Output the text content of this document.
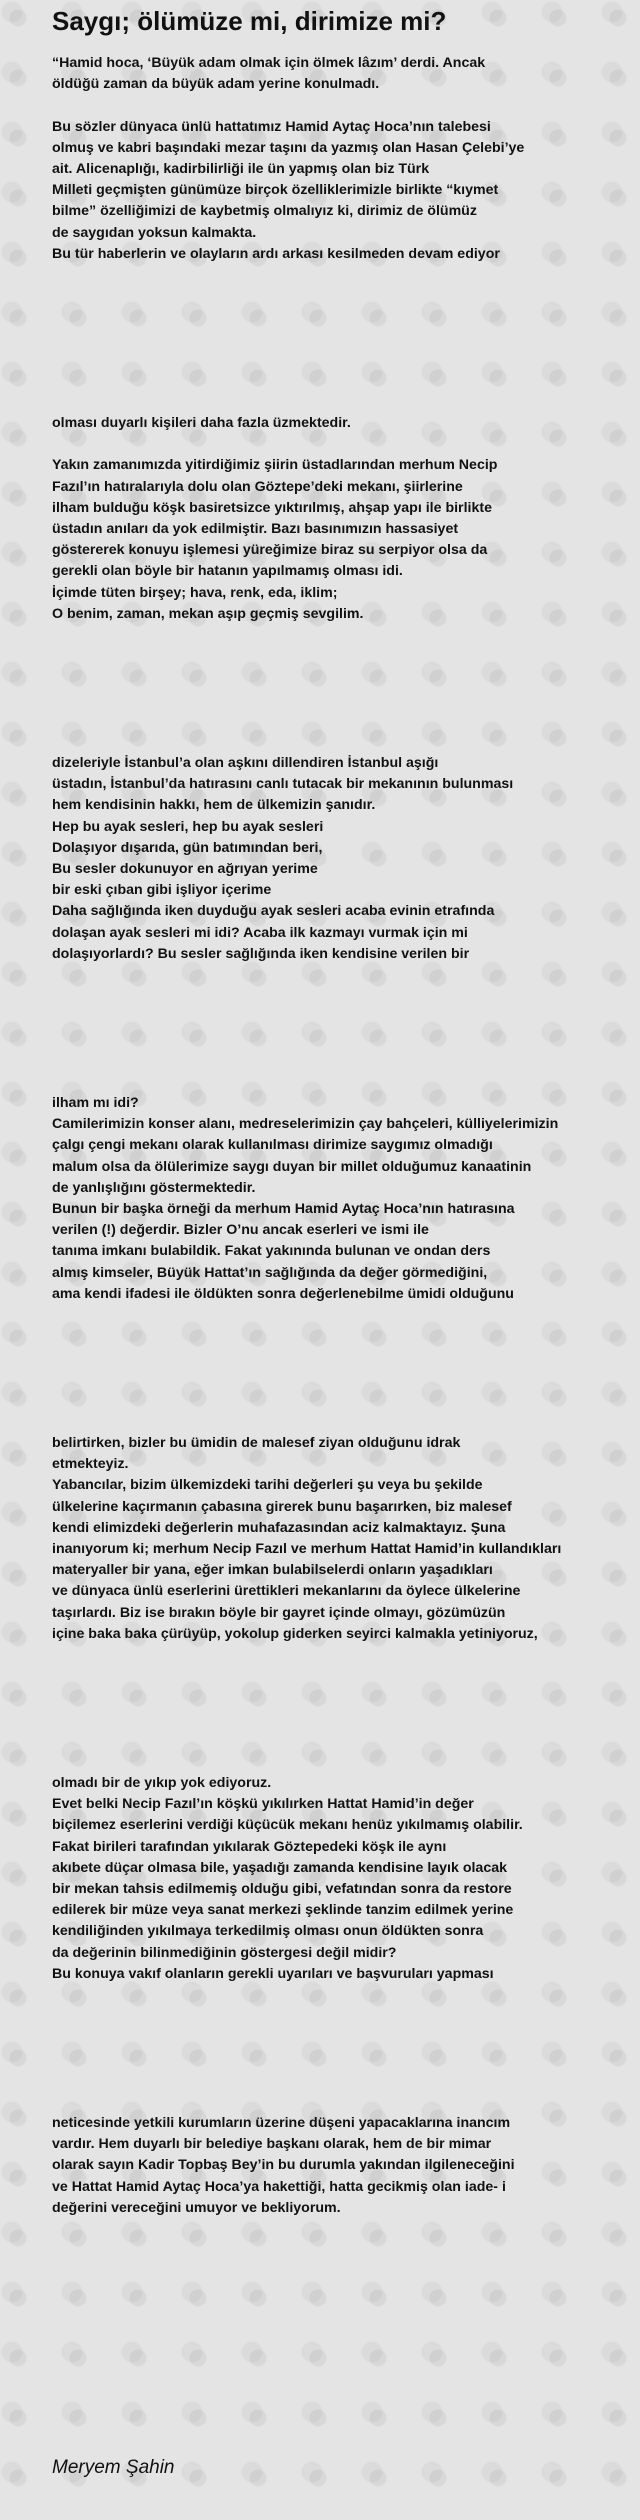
Saygı; ölümüze mi, dirimize mi?
“Hamid hoca, ‘Büyük adam olmak için ölmek lâzım’ derdi. Ancak
öldüğü zaman da büyük adam yerine konulmadı.
Bu sözler dünyaca ünlü hattatımız Hamid Aytaç Hoca’nın talebesi
olmuş ve kabri başındaki mezar taşını da yazmış olan Hasan Çelebi’ye
ait. Alicenaplığı, kadirbilirliği ile ün yapmış olan biz Türk
Milleti geçmişten günümüze birçok özelliklerimizle birlikte “kıymet
bilme” özelliğimizi de kaybetmiş olmalıyız ki, dirimiz de ölümüz
de saygıdan yoksun kalmakta.
Bu tür haberlerin ve olayların ardı arkası kesilmeden devam ediyor
olması duyarlı kişileri daha fazla üzmektedir.
Yakın zamanımızda yitirdiğimiz şiirin üstadlarından merhum Necip
Fazıl’ın hatıralarıyla dolu olan Göztepe’deki mekanı, şiirlerine
ilham bulduğu köşk basiretsizce yıktırılmış, ahşap yapı ile birlikte
üstadın anıları da yok edilmiştir. Bazı basınımızın hassasiyet
göstererek konuyu işlemesi yüreğimize biraz su serpiyor olsa da
gerekli olan böyle bir hatanın yapılmamış olması idi.
İçimde tüten birşey; hava, renk, eda, iklim;
O benim, zaman, mekan aşıp geçmiş sevgilim.
dizeleriyle İstanbul’a olan aşkını dillendiren İstanbul aşığı
üstadın, İstanbul’da hatırasını canlı tutacak bir mekanının bulunması
hem kendisinin hakkı, hem de ülkemizin şanıdır.
Hep bu ayak sesleri, hep bu ayak sesleri
Dolaşıyor dışarıda, gün batımından beri,
Bu sesler dokunuyor en ağrıyan yerime
bir eski çıban gibi işliyor içerime
Daha sağlığında iken duyduğu ayak sesleri acaba evinin etrafında
dolaşan ayak sesleri mi idi? Acaba ilk kazmayı vurmak için mi
dolaşıyorlardı? Bu sesler sağlığında iken kendisine verilen bir
ilham mı idi?
Camilerimizin konser alanı, medreselerimizin çay bahçeleri, külliyelerimizin
çalgı çengi mekanı olarak kullanılması dirimize saygımız olmadığı
malum olsa da ölülerimize saygı duyan bir millet olduğumuz kanaatinin
de yanlışlığını göstermektedir.
Bunun bir başka örneği da merhum Hamid Aytaç Hoca’nın hatırasına
verilen (!) değerdir. Bizler O’nu ancak eserleri ve ismi ile
tanıma imkanı bulabildik. Fakat yakınında bulunan ve ondan ders
almış kimseler, Büyük Hattat’ın sağlığında da değer görmediğini,
ama kendi ifadesi ile öldükten sonra değerlenebilme ümidi olduğunu
belirtirken, bizler bu ümidin de malesef ziyan olduğunu idrak
etmekteyiz.
Yabancılar, bizim ülkemizdeki tarihi değerleri şu veya bu şekilde
ülkelerine kaçırmanın çabasına girerek bunu başarırken, biz malesef
kendi elimizdeki değerlerin muhafazasından aciz kalmaktayız. Şuna
inanıyorum ki; merhum Necip Fazıl ve merhum Hattat Hamid’in kullandıkları
materyaller bir yana, eğer imkan bulabilselerdi onların yaşadıkları
ve dünyaca ünlü eserlerini ürettikleri mekanlarını da öylece ülkelerine
taşırlardı. Biz ise bırakın böyle bir gayret içinde olmayı, gözümüzün
içine baka baka çürüyüp, yokolup giderken seyirci kalmakla yetiniyoruz,
olmadı bir de yıkıp yok ediyoruz.
Evet belki Necip Fazıl’ın köşkü yıkılırken Hattat Hamid’in değer
biçilemez eserlerini verdiği küçücük mekanı henüz yıkılmamış olabilir.
Fakat birileri tarafından yıkılarak Göztepedeki köşk ile aynı
akıbete düçar olmasa bile, yaşadığı zamanda kendisine layık olacak
bir mekan tahsis edilmemiş olduğu gibi, vefatından sonra da restore
edilerek bir müze veya sanat merkezi şeklinde tanzim edilmek yerine
kendiliğinden yıkılmaya terkedilmiş olması onun öldükten sonra
da değerinin bilinmediğinin göstergesi değil midir?
Bu konuya vakıf olanların gerekli uyarıları ve başvuruları yapması
neticesinde yetkili kurumların üzerine düşeni yapacaklarına inancım
vardır. Hem duyarlı bir belediye başkanı olarak, hem de bir mimar
olarak sayın Kadir Topbaş Bey’in bu durumla yakından ilgileneceğini
ve Hattat Hamid Aytaç Hoca’ya hakettiği, hatta gecikmiş olan iade- i
değerini vereceğini umuyor ve bekliyorum.
Meryem Şahin
